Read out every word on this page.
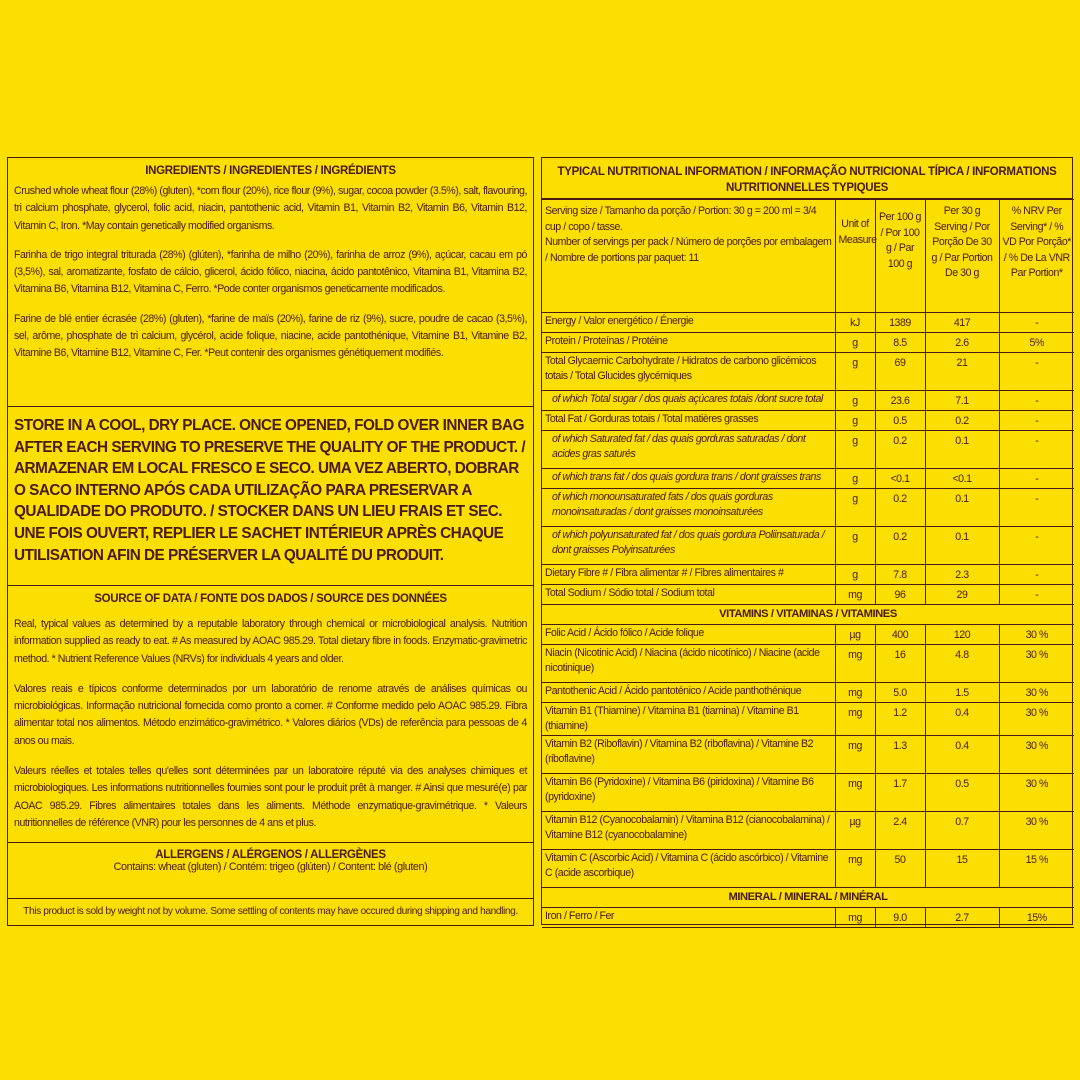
INGREDIENTS / INGREDIENTES / INGRÉDIENTS

Crushed whole wheat flour (28%) (gluten), *corn flour (20%), rice flour (9%), sugar, cocoa powder (3.5%), salt, flavouring, tri calcium phosphate, glycerol, folic acid, niacin, pantothenic acid, Vitamin B1, Vitamin B2, Vitamin B6, Vitamin B12, Vitamin C, Iron. *May contain genetically modified organisms.

Farinha de trigo integral triturada (28%) (glúten), *farinha de milho (20%), farinha de arroz (9%), açúcar, cacau em pó (3,5%), sal, aromatizante, fosfato de cálcio, glicerol, ácido fólico, niacina, ácido pantotênico, Vitamina B1, Vitamina B2, Vitamina B6, Vitamina B12, Vitamina C, Ferro. *Pode conter organismos geneticamente modificados.

Farine de blé entier écrasée (28%) (gluten), *farine de maïs (20%), farine de riz (9%), sucre, poudre de cacao (3,5%), sel, arôme, phosphate de tri calcium, glycérol, acide folique, niacine, acide pantothénique, Vitamine B1, Vitamine B2, Vitamine B6, Vitamine B12, Vitamine C, Fer. *Peut contenir des organismes génétiquement modifiés.

STORE IN A COOL, DRY PLACE. ONCE OPENED, FOLD OVER INNER BAG AFTER EACH SERVING TO PRESERVE THE QUALITY OF THE PRODUCT. / ARMAZENAR EM LOCAL FRESCO E SECO. UMA VEZ ABERTO, DOBRAR O SACO INTERNO APÓS CADA UTILIZAÇÃO PARA PRESERVAR A QUALIDADE DO PRODUTO. / STOCKER DANS UN LIEU FRAIS ET SEC. UNE FOIS OUVERT, REPLIER LE SACHET INTÉRIEUR APRÈS CHAQUE UTILISATION AFIN DE PRÉSERVER LA QUALITÉ DU PRODUIT.

SOURCE OF DATA / FONTE DOS DADOS / SOURCE DES DONNÉES

Real, typical values as determined by a reputable laboratory through chemical or microbiological analysis. Nutrition information supplied as ready to eat. # As measured by AOAC 985.29. Total dietary fibre in foods. Enzymatic-gravimetric method. * Nutrient Reference Values (NRVs) for individuals 4 years and older.

Valores reais e típicos conforme determinados por um laboratório de renome através de análises químicas ou microbiológicas. Informação nutricional fornecida como pronto a comer. # Conforme medido pelo AOAC 985.29. Fibra alimentar total nos alimentos. Método enzimático-gravimétrico. * Valores diários (VDs) de referência para pessoas de 4 anos ou mais.

Valeurs réelles et totales telles qu'elles sont déterminées par un laboratoire réputé via des analyses chimiques et microbiologiques. Les informations nutritionnelles fournies sont pour le produit prêt à manger. # Ainsi que mesuré(e) par AOAC 985.29. Fibres alimentaires totales dans les aliments. Méthode enzymatique-gravimétrique. * Valeurs nutritionnelles de référence (VNR) pour les personnes de 4 ans et plus.

ALLERGENS / ALÉRGENOS / ALLERGÈNES
Contains: wheat (gluten) / Contém: trigeo (glúten) / Content: blé (gluten)
This product is sold by weight not by volume. Some settling of contents may have occured during shipping and handling.
TYPICAL NUTRITIONAL INFORMATION / INFORMAÇÃO NUTRICIONAL TÍPICA / INFORMATIONS NUTRITIONNELLES TYPIQUES
Serving size / Tamanho da porção / Portion: 30 g = 200 ml = 3/4 cup / copo / tasse.
Number of servings per pack / Número de porções por embalagem / Nombre de portions par paquet: 11	Unit of Measure	Per 100 g / Por 100 g / Par 100 g	Per 30 g Serving / Por Porção De 30 g / Par Portion De 30 g	% NRV Per Serving* / % VD Por Porção* / % De La VNR Par Portion*
Energy / Valor energético / Énergie	kJ	1389	417	-
Protein / Proteínas / Protéine	g	8.5	2.6	5%
Total Glycaemic Carbohydrate / Hidratos de carbono glicémicos totais / Total Glucides glycémiques	g	69	21	-
of which Total sugar / dos quais açúcares totais /dont sucre total	g	23.6	7.1	-
Total Fat / Gorduras totais / Total matières grasses	g	0.5	0.2	-
of which Saturated fat / das quais gorduras saturadas / dont acides gras saturés	g	0.2	0.1	-
of which trans fat / dos quais gordura trans / dont graisses trans	g	<0.1	<0.1	-
of which monounsaturated fats / dos quais gorduras monoinsaturadas / dont graisses monoinsaturées	g	0.2	0.1	-
of which polyunsaturated fat / dos quais gordura Poliinsaturada / dont graisses Polyinsaturées	g	0.2	0.1	-
Dietary Fibre # / Fibra alimentar # / Fibres alimentaires #	g	7.8	2.3	-
Total Sodium / Sódio total / Sodium total	mg	96	29	-
VITAMINS / VITAMINAS / VITAMINES				
Folic Acid / Ácido fólico / Acide folique	µg	400	120	30 %
Niacin (Nicotinic Acid) / Niacina (ácido nicotínico) / Niacine (acide nicotinique)	mg	16	4.8	30 %
Pantothenic Acid / Ácido pantoténico / Acide panthothénique	mg	5.0	1.5	30 %
Vitamin B1 (Thiamine) / Vitamina B1 (tiamina) / Vitamine B1 (thiamine)	mg	1.2	0.4	30 %
Vitamin B2 (Riboflavin) / Vitamina B2 (riboflavina) / Vitamine B2 (riboflavine)	mg	1.3	0.4	30 %
Vitamin B6 (Pyridoxine) / Vitamina B6 (piridoxina) / Vitamine B6 (pyridoxine)	mg	1.7	0.5	30 %
Vitamin B12 (Cyanocobalamin) / Vitamina B12 (cianocobalamina) / Vitamine B12 (cyanocobalamine)	µg	2.4	0.7	30 %
Vitamin C (Ascorbic Acid) / Vitamina C (ácido ascórbico) / Vitamine C (acide ascorbique)	mg	50	15	15 %
MINERAL / MINERAL / MINÉRAL				
Iron / Ferro / Fer	mg	9.0	2.7	15%
